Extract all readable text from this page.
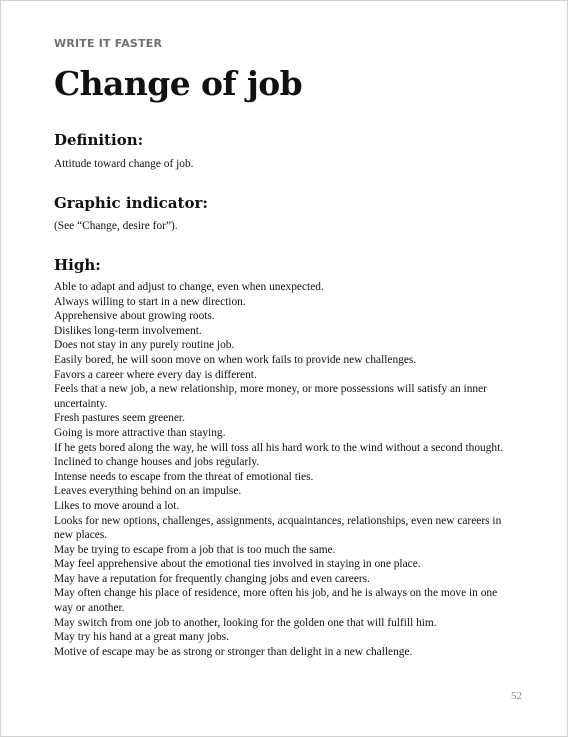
WRITE IT FASTER
Change of job
Definition:

Attitude toward change of job.

Graphic indicator:

(See “Change, desire for”).

High:
Able to adapt and adjust to change, even when unexpected.
Always willing to start in a new direction.
Apprehensive about growing roots.
Dislikes long-term involvement.
Does not stay in any purely routine job.
Easily bored, he will soon move on when work fails to provide new challenges.
Favors a career where every day is different.
Feels that a new job, a new relationship, more money, or more possessions will satisfy an inner uncertainty.
Fresh pastures seem greener.
Going is more attractive than staying.
If he gets bored along the way, he will toss all his hard work to the wind without a second thought.
Inclined to change houses and jobs regularly.
Intense needs to escape from the threat of emotional ties.
Leaves everything behind on an impulse.
Likes to move around a lot.
Looks for new options, challenges, assignments, acquaintances, relationships, even new careers in new places.
May be trying to escape from a job that is too much the same.
May feel apprehensive about the emotional ties involved in staying in one place.
May have a reputation for frequently changing jobs and even careers.
May often change his place of residence, more often his job, and he is always on the move in one way or another.
May switch from one job to another, looking for the golden one that will fulfill him.
May try his hand at a great many jobs.
Motive of escape may be as strong or stronger than delight in a new challenge.
52
